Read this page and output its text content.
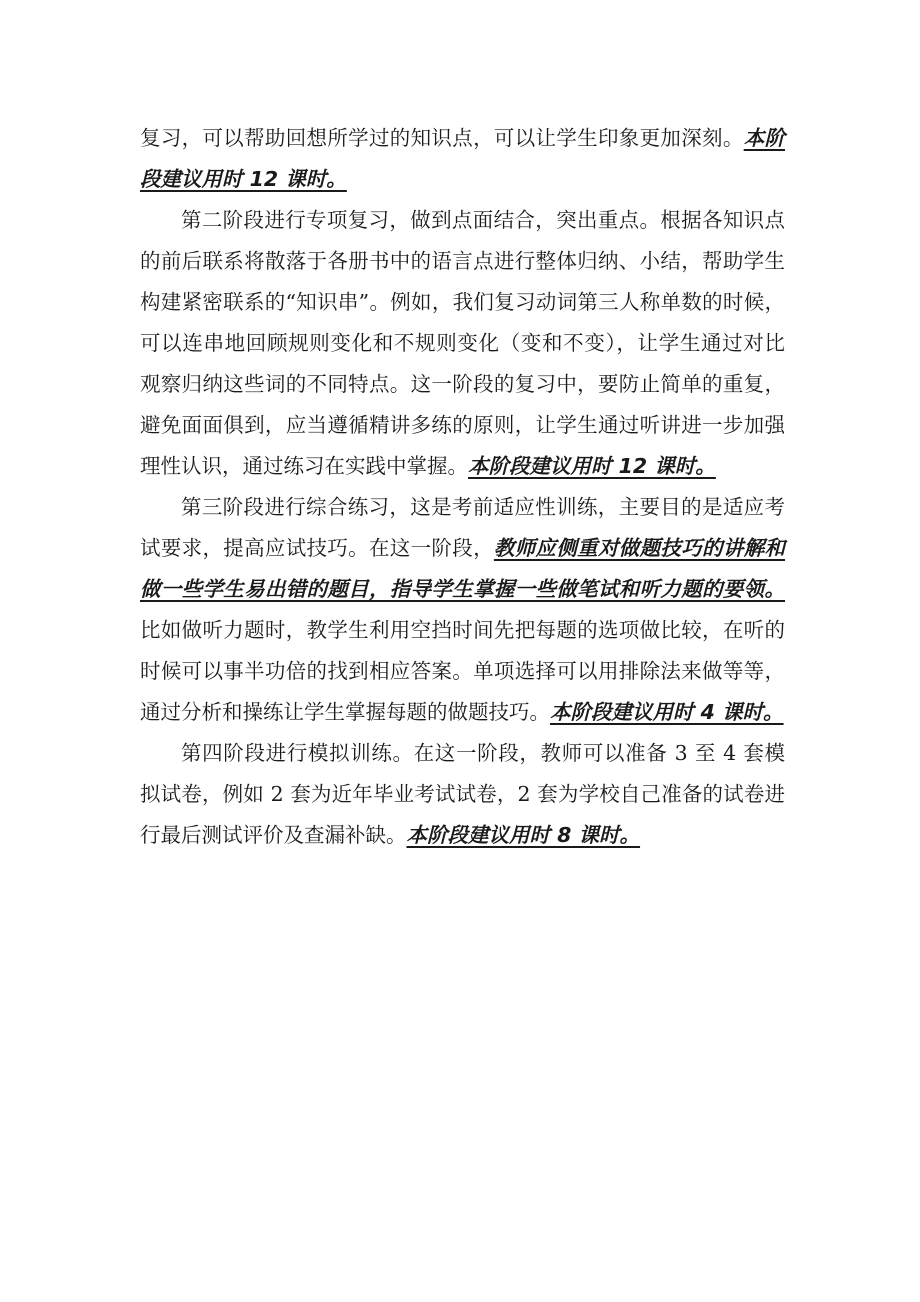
复习，可以帮助回想所学过的知识点，可以让学生印象更加深刻。本阶段建议用时 12 课时。

第二阶段进行专项复习，做到点面结合，突出重点。根据各知识点的前后联系将散落于各册书中的语言点进行整体归纳、小结，帮助学生构建紧密联系的“知识串”。例如，我们复习动词第三人称单数的时候，可以连串地回顾规则变化和不规则变化（变和不变），让学生通过对比观察归纳这些词的不同特点。这一阶段的复习中，要防止简单的重复，避免面面俱到，应当遵循精讲多练的原则，让学生通过听讲进一步加强理性认识，通过练习在实践中掌握。本阶段建议用时 12 课时。

第三阶段进行综合练习，这是考前适应性训练，主要目的是适应考试要求，提高应试技巧。在这一阶段，教师应侧重对做题技巧的讲解和做一些学生易出错的题目，指导学生掌握一些做笔试和听力题的要领。比如做听力题时，教学生利用空挡时间先把每题的选项做比较，在听的时候可以事半功倍的找到相应答案。单项选择可以用排除法来做等等，通过分析和操练让学生掌握每题的做题技巧。本阶段建议用时 4 课时。

第四阶段进行模拟训练。在这一阶段，教师可以准备 3 至 4 套模拟试卷，例如 2 套为近年毕业考试试卷，2 套为学校自己准备的试卷进行最后测试评价及查漏补缺。本阶段建议用时 8 课时。
